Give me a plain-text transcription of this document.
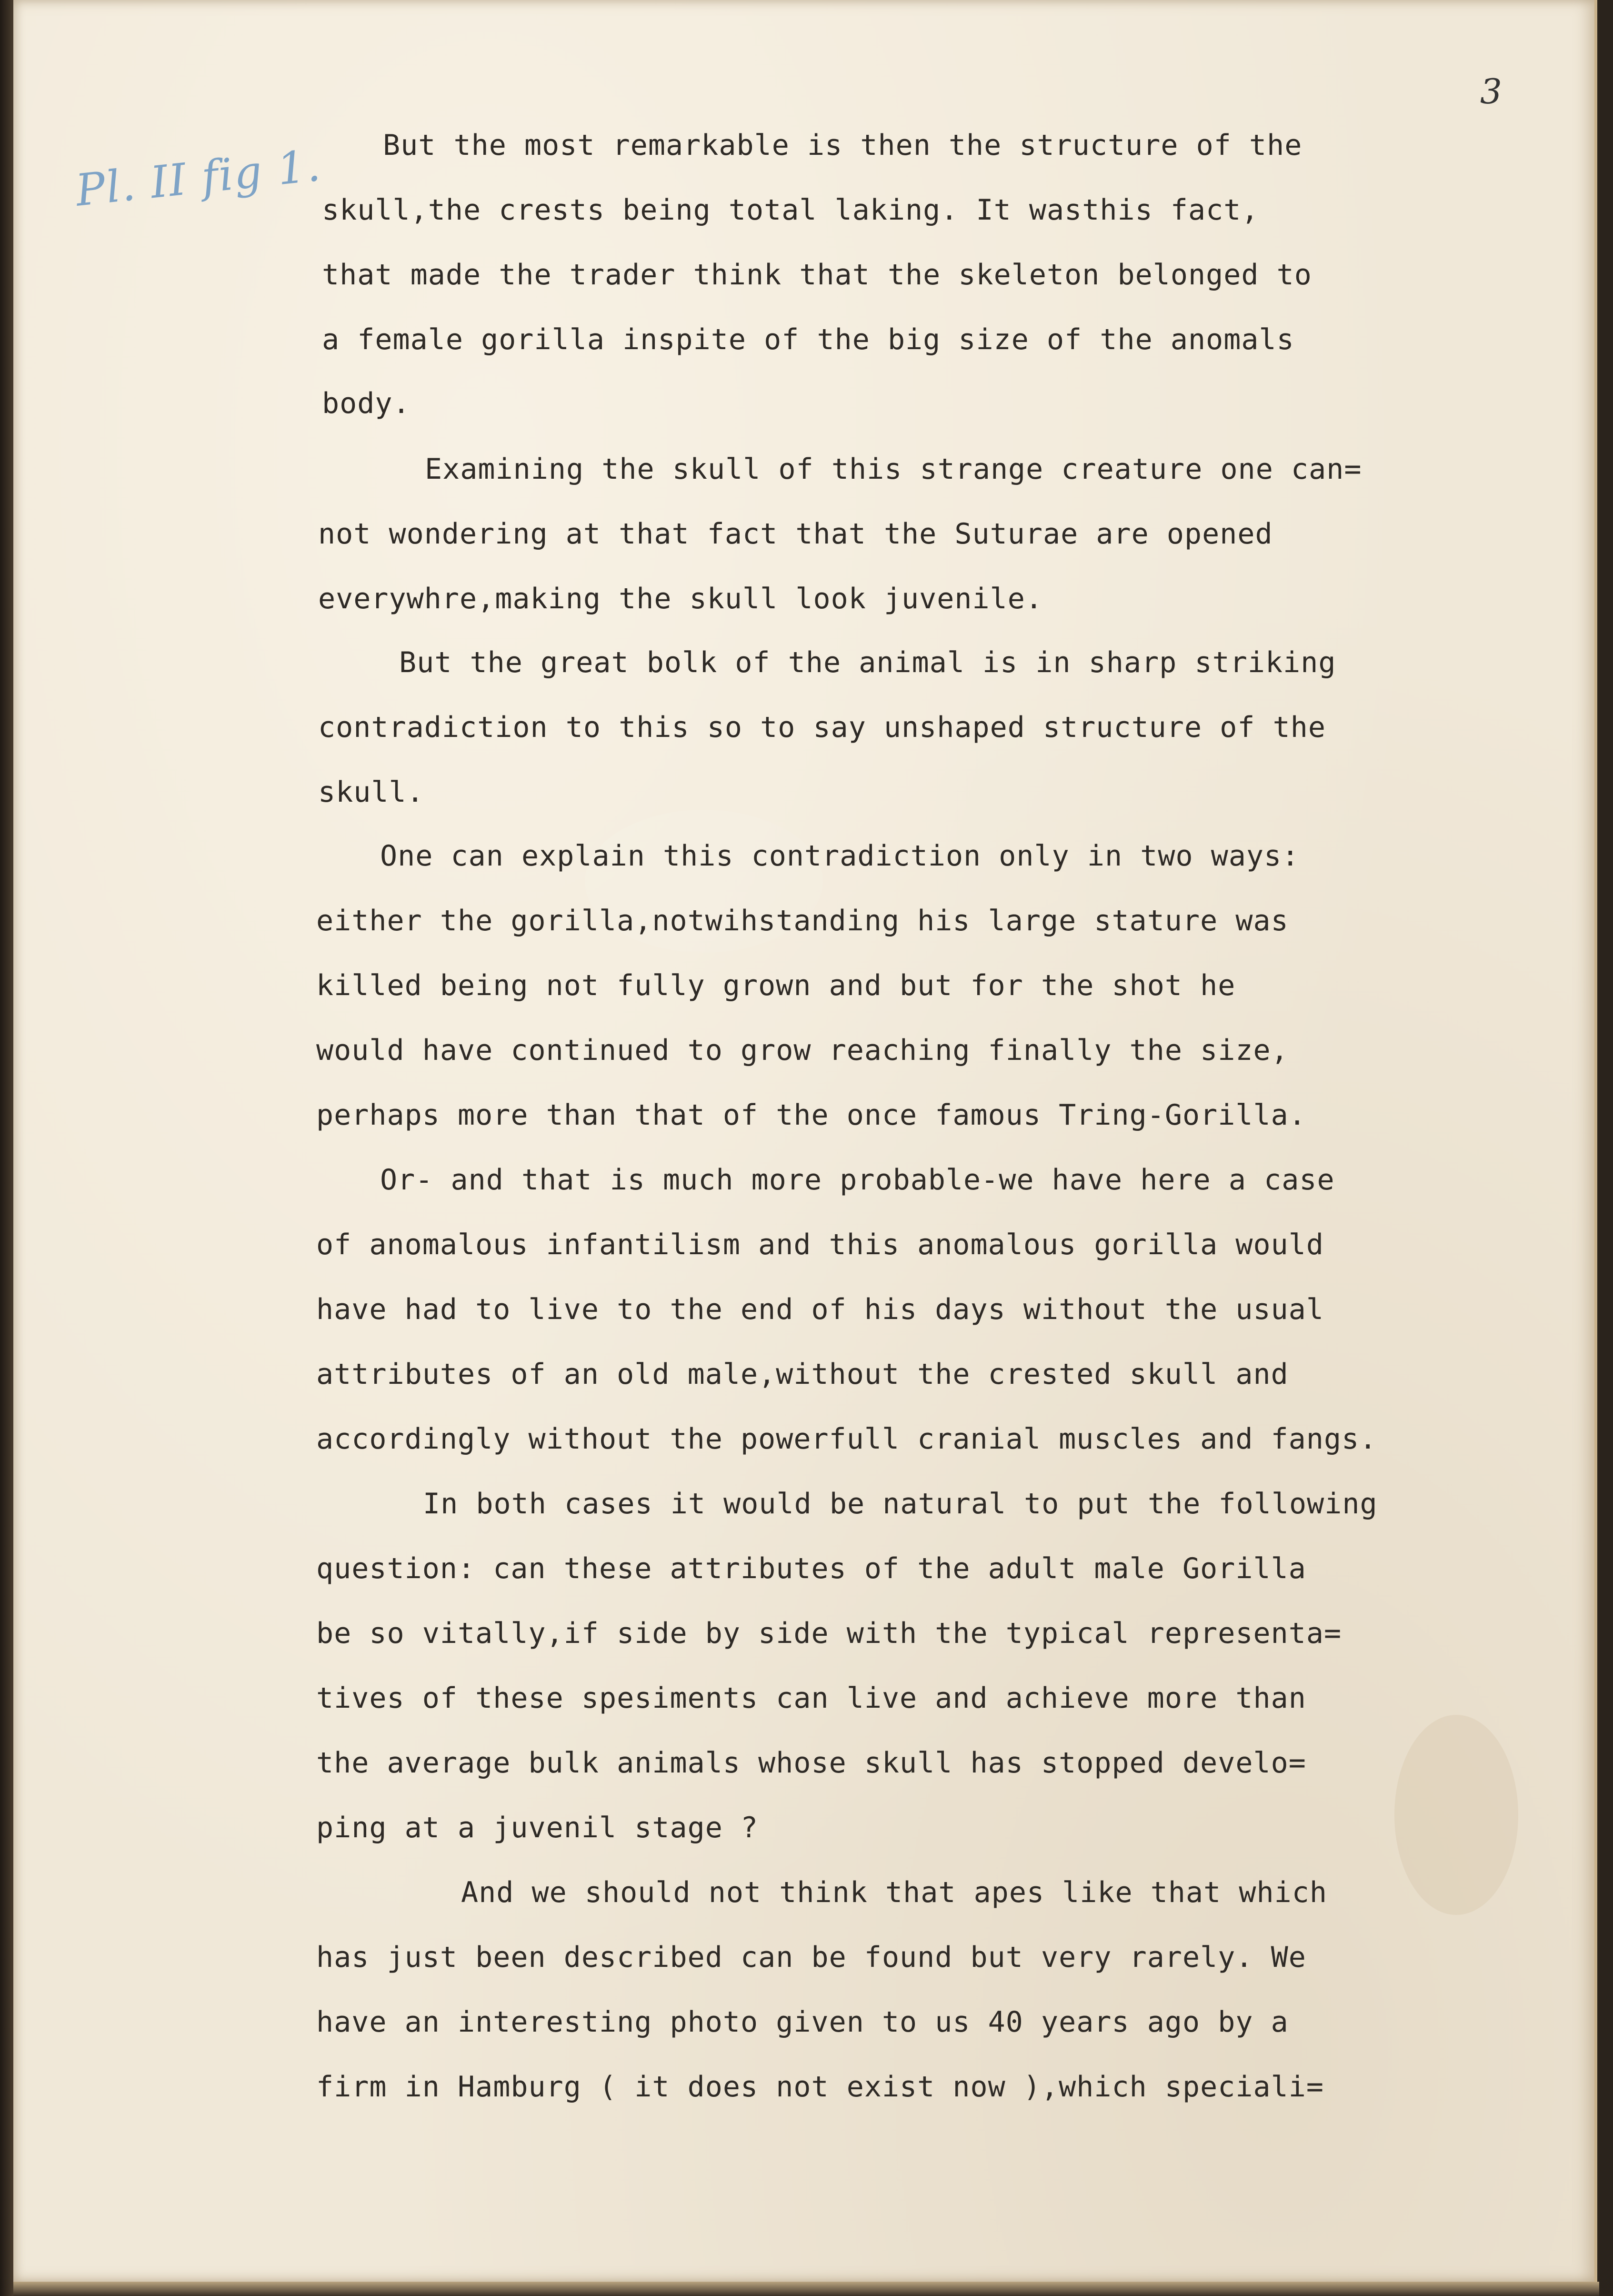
3
Pl. II fig 1. But the most remarkable is then the structure of the
skull,the crests being total laking. It wasthis fact,
that made the trader think that the skeleton belonged to
a female gorilla inspite of the big size of the anomals
body.
Examining the skull of this strange creature one can=
not wondering at that fact that the Suturae are opened
everywhre,making the skull look juvenile.
But the great bolk of the animal is in sharp striking
contradiction to this so to say unshaped structure of the
skull.
One can explain this contradiction only in two ways:
either the gorilla,notwihstanding his large stature was
killed being not fully grown and but for the shot he
would have continued to grow reaching finally the size,
perhaps more than that of the once famous Tring-Gorilla.
Or- and that is much more probable-we have here a case
of anomalous infantilism and this anomalous gorilla would
have had to live to the end of his days without the usual
attributes of an old male,without the crested skull and
accordingly without the powerfull cranial muscles and fangs.
In both cases it would be natural to put the following
question: can these attributes of the adult male Gorilla
be so vitally,if side by side with the typical representa=
tives of these spesiments can live and achieve more than
the average bulk animals whose skull has stopped develo=
ping at a juvenil stage ?
And we should not think that apes like that which
has just been described can be found but very rarely. We
have an interesting photo given to us 40 years ago by a
firm in Hamburg ( it does not exist now ),which speciali=
